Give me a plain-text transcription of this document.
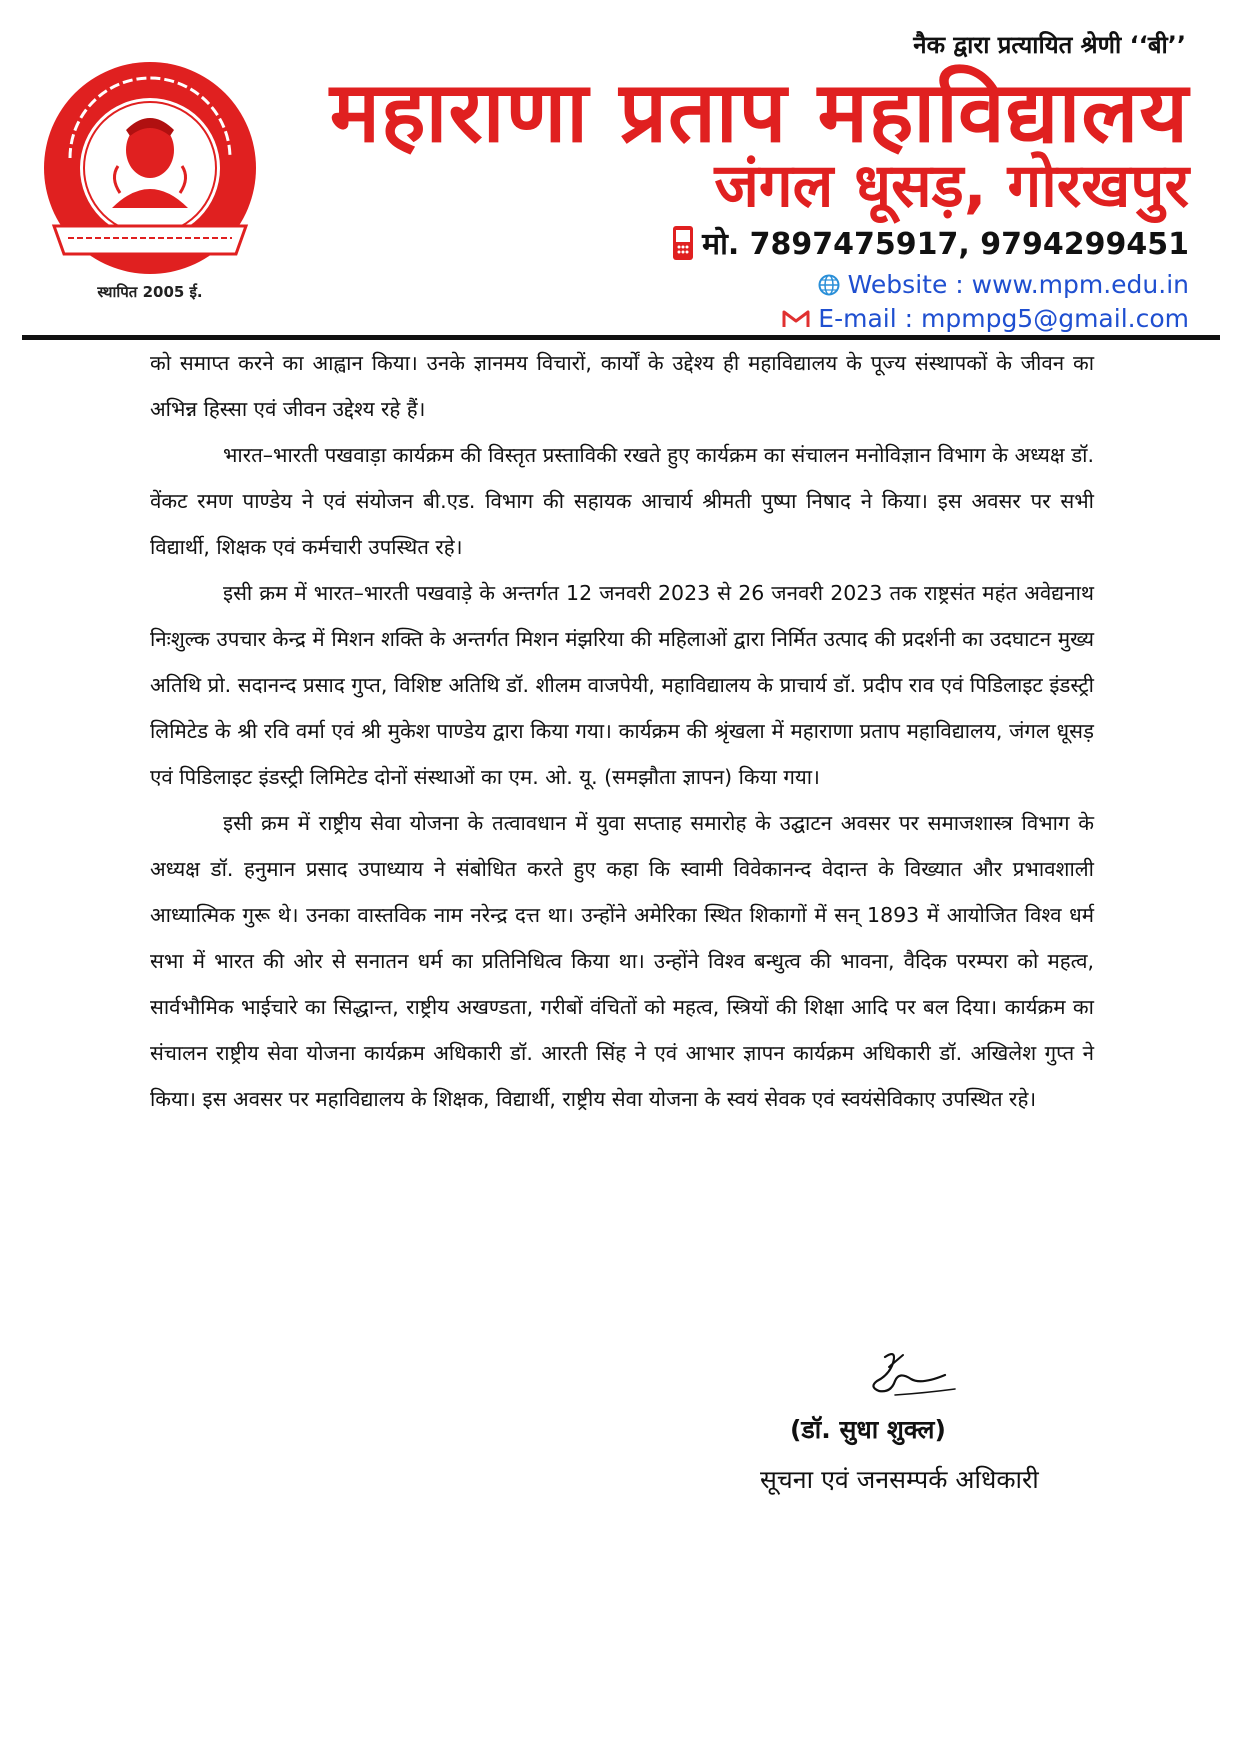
स्थापित 2005 ई.
नैक द्वारा प्रत्यायित श्रेणी ‘‘बी’’
महाराणा प्रताप महाविद्यालय
जंगल धूसड़, गोरखपुर
मो. 7897475917, 9794299451
Website : www.mpm.edu.in
E-mail : mpmpg5@gmail.com

को समाप्त करने का आह्वान किया। उनके ज्ञानमय विचारों, कार्यों के उद्देश्य ही महाविद्यालय के पूज्य संस्थापकों के जीवन का अभिन्न हिस्सा एवं जीवन उद्देश्य रहे हैं।

भारत–भारती पखवाड़ा कार्यक्रम की विस्तृत प्रस्ताविकी रखते हुए कार्यक्रम का संचालन मनोविज्ञान विभाग के अध्यक्ष डॉ. वेंकट रमण पाण्डेय ने एवं संयोजन बी.एड. विभाग की सहायक आचार्य श्रीमती पुष्पा निषाद ने किया। इस अवसर पर सभी विद्यार्थी, शिक्षक एवं कर्मचारी उपस्थित रहे।

इसी क्रम में भारत–भारती पखवाड़े के अन्तर्गत 12 जनवरी 2023 से 26 जनवरी 2023 तक राष्ट्रसंत महंत अवेद्यनाथ निःशुल्क उपचार केन्द्र में मिशन शक्ति के अन्तर्गत मिशन मंझरिया की महिलाओं द्वारा निर्मित उत्पाद की प्रदर्शनी का उदघाटन मुख्य अतिथि प्रो. सदानन्द प्रसाद गुप्त, विशिष्ट अतिथि डॉ. शीलम वाजपेयी, महाविद्यालय के प्राचार्य डॉ. प्रदीप राव एवं पिडिलाइट इंडस्ट्री लिमिटेड के श्री रवि वर्मा एवं श्री मुकेश पाण्डेय द्वारा किया गया। कार्यक्रम की श्रृंखला में महाराणा प्रताप महाविद्यालय, जंगल धूसड़ एवं पिडिलाइट इंडस्ट्री लिमिटेड दोनों संस्थाओं का एम. ओ. यू. (समझौता ज्ञापन) किया गया।

इसी क्रम में राष्ट्रीय सेवा योजना के तत्वावधान में युवा सप्ताह समारोह के उद्घाटन अवसर पर समाजशास्त्र विभाग के अध्यक्ष डॉ. हनुमान प्रसाद उपाध्याय ने संबोधित करते हुए कहा कि स्वामी विवेकानन्द वेदान्त के विख्यात और प्रभावशाली आध्यात्मिक गुरू थे। उनका वास्तविक नाम नरेन्द्र दत्त था। उन्होंने अमेरिका स्थित शिकागों में सन् 1893 में आयोजित विश्व धर्म सभा में भारत की ओर से सनातन धर्म का प्रतिनिधित्व किया था। उन्होंने विश्व बन्धुत्व की भावना, वैदिक परम्परा को महत्व, सार्वभौमिक भाईचारे का सिद्धान्त, राष्ट्रीय अखण्डता, गरीबों वंचितों को महत्व, स्त्रियों की शिक्षा आदि पर बल दिया। कार्यक्रम का संचालन राष्ट्रीय सेवा योजना कार्यक्रम अधिकारी डॉ. आरती सिंह ने एवं आभार ज्ञापन कार्यक्रम अधिकारी डॉ. अखिलेश गुप्त ने किया। इस अवसर पर महाविद्यालय के शिक्षक, विद्यार्थी, राष्ट्रीय सेवा योजना के स्वयं सेवक एवं स्वयंसेविकाए उपस्थित रहे।

(डॉ. सुधा शुक्ल)
सूचना एवं जनसम्पर्क अधिकारी
